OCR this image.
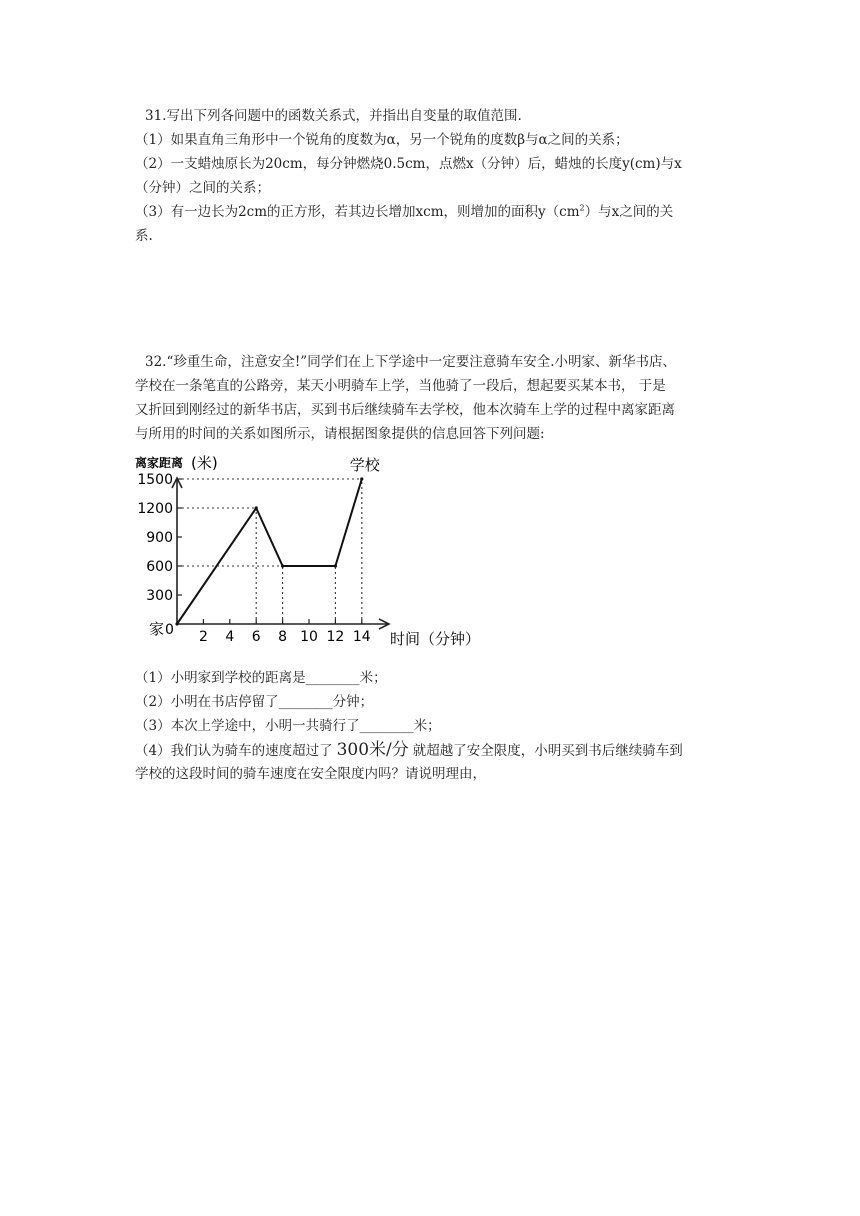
31.写出下列各问题中的函数关系式，并指出自变量的取值范围.
（1）如果直角三角形中一个锐角的度数为α，另一个锐角的度数β与α之间的关系；
（2）一支蜡烛原长为20cm，每分钟燃烧0.5cm，点燃x（分钟）后，蜡烛的长度y(cm)与x
（分钟）之间的关系；
（3）有一边长为2cm的正方形，若其边长增加xcm，则增加的面积$y(cm^2)$与x之间的关
系.
32.“珍重生命，注意安全!”同学们在上下学途中一定要注意骑车安全.小明家、新华书店、
学校在一条笔直的公路旁，某天小明骑车上学，当他骑了一段后，想起要买某本书， 于是
又折回到刚经过的新华书店，买到书后继续骑车去学校，他本次骑车上学的过程中离家距离
与所用的时间的关系如图所示，请根据图象提供的信息回答下列问题:
300
600
900
1200
1500
2 4 6 8 10 12 14
离家距离 (米)
时间（分钟）
家 0
学校
（1）小明家到学校的距离是________米；
（2）小明在书店停留了________分钟；
（3）本次上学途中，小明一共骑行了________米；
（4）我们认为骑车的速度超过了 300米/分 就超越了安全限度，小明买到书后继续骑车到
学校的这段时间的骑车速度在安全限度内吗？请说明理由，
